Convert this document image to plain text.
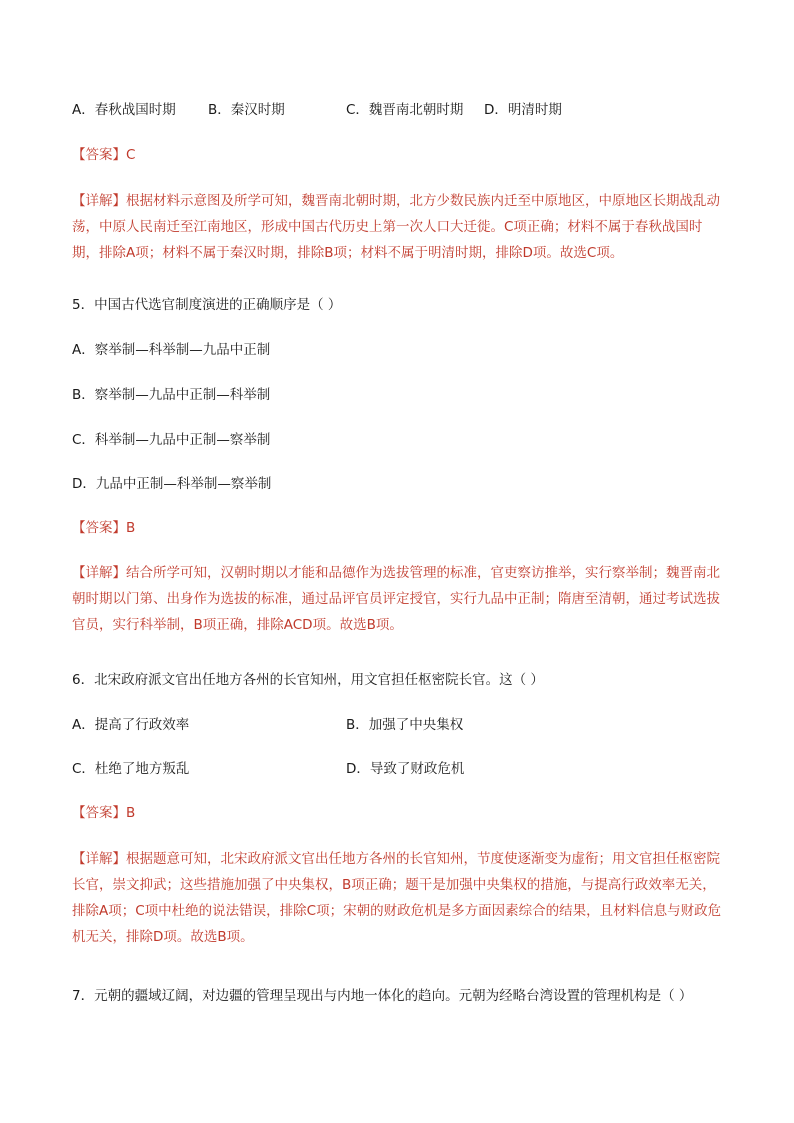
A．春秋战国时期 B．秦汉时期	C．魏晋南北朝时期 D．明清时期
【答案】C
【详解】根据材料示意图及所学可知，魏晋南北朝时期，北方少数民族内迁至中原地区，中原地区长期战乱动荡，中原人民南迁至江南地区，形成中国古代历史上第一次人口大迁徙。C项正确；材料不属于春秋战国时期，排除A项；材料不属于秦汉时期，排除B项；材料不属于明清时期，排除D项。故选C项。
5．中国古代选官制度演进的正确顺序是（ ）
A．察举制—科举制—九品中正制
B．察举制—九品中正制—科举制
C．科举制—九品中正制—察举制
D．九品中正制—科举制—察举制
【答案】B
【详解】结合所学可知，汉朝时期以才能和品德作为选拔管理的标准，官吏察访推举，实行察举制；魏晋南北朝时期以门第、出身作为选拔的标准，通过品评官员评定授官，实行九品中正制；隋唐至清朝，通过考试选拔官员，实行科举制，B项正确，排除ACD项。故选B项。
6．北宋政府派文官出任地方各州的长官知州，用文官担任枢密院长官。这（ ）
A．提高了行政效率	B．加强了中央集权
C．杜绝了地方叛乱	D．导致了财政危机
【答案】B
【详解】根据题意可知，北宋政府派文官出任地方各州的长官知州，节度使逐渐变为虚衔；用文官担任枢密院长官，崇文抑武；这些措施加强了中央集权，B项正确；题干是加强中央集权的措施，与提高行政效率无关，排除A项；C项中杜绝的说法错误，排除C项；宋朝的财政危机是多方面因素综合的结果，且材料信息与财政危机无关，排除D项。故选B项。
7．元朝的疆域辽阔，对边疆的管理呈现出与内地一体化的趋向。元朝为经略台湾设置的管理机构是（ ）
